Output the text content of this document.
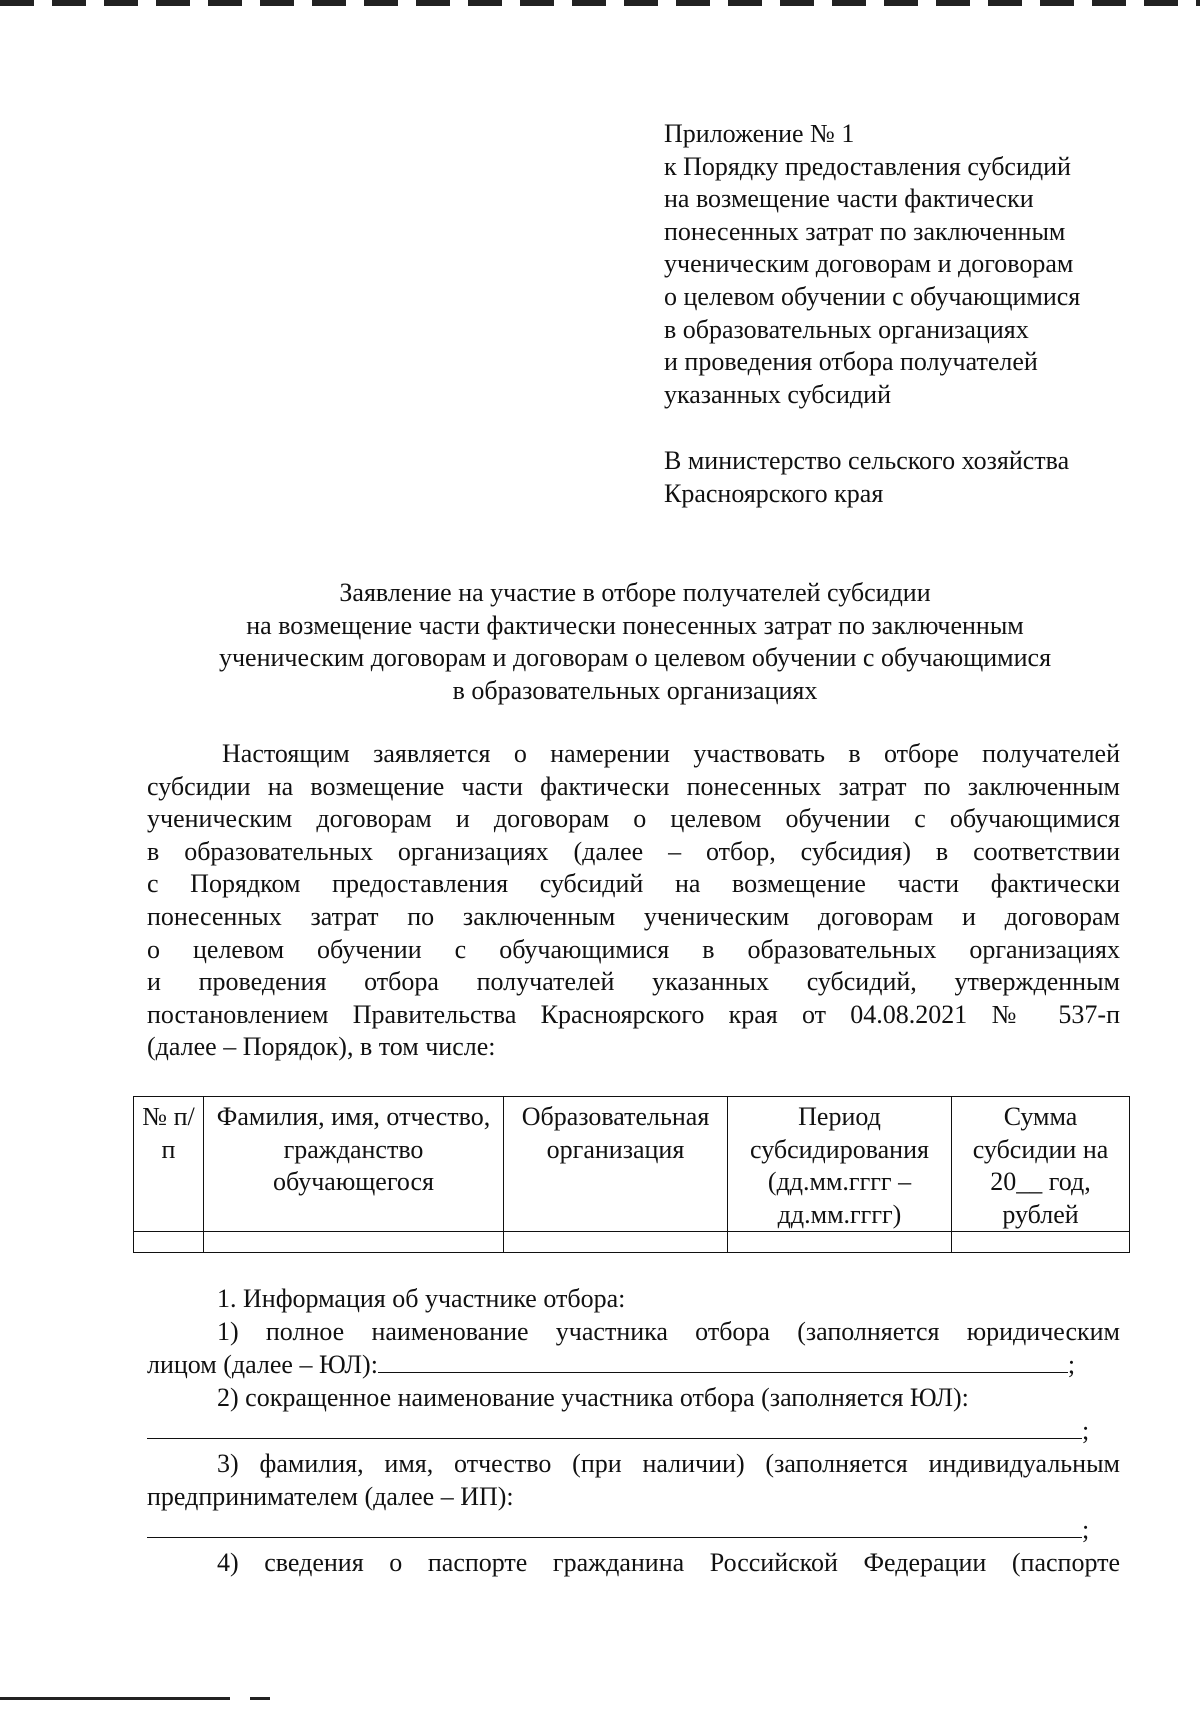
Приложение № 1
к Порядку предоставления субсидий
на возмещение части фактически
понесенных затрат по заключенным
ученическим договорам и договорам
о целевом обучении с обучающимися
в образовательных организациях
и проведения отбора получателей
указанных субсидий
В министерство сельского хозяйства
Красноярского края
Заявление на участие в отборе получателей субсидии
на возмещение части фактически понесенных затрат по заключенным
ученическим договорам и договорам о целевом обучении с обучающимися
в образовательных организациях
Настоящим заявляется о намерении участвовать в отборе получателей
субсидии на возмещение части фактически понесенных затрат по заключенным
ученическим договорам и договорам о целевом обучении с обучающимися
в образовательных организациях (далее – отбор, субсидия) в соответствии
с Порядком предоставления субсидий на возмещение части фактически
понесенных затрат по заключенным ученическим договорам и договорам
о целевом обучении с обучающимися в образовательных организациях
и проведения отбора получателей указанных субсидий, утвержденным
постановлением Правительства Красноярского края от 04.08.2021 № 537-п
(далее – Порядок), в том числе:
№ п/п	Фамилия, имя, отчество, гражданство обучающегося	Образовательная организация	Период субсидирования (дд.мм.гггг – дд.мм.гггг)	Сумма субсидии на 20__ год, рублей

1. Информация об участнике отбора:
1) полное наименование участника отбора (заполняется юридическим
лицом (далее – ЮЛ):	;
2) сокращенное наименование участника отбора (заполняется ЮЛ):
;
3) фамилия, имя, отчество (при наличии) (заполняется индивидуальным
предпринимателем (далее – ИП):
;
4) сведения о паспорте гражданина Российской Федерации (паспорте
